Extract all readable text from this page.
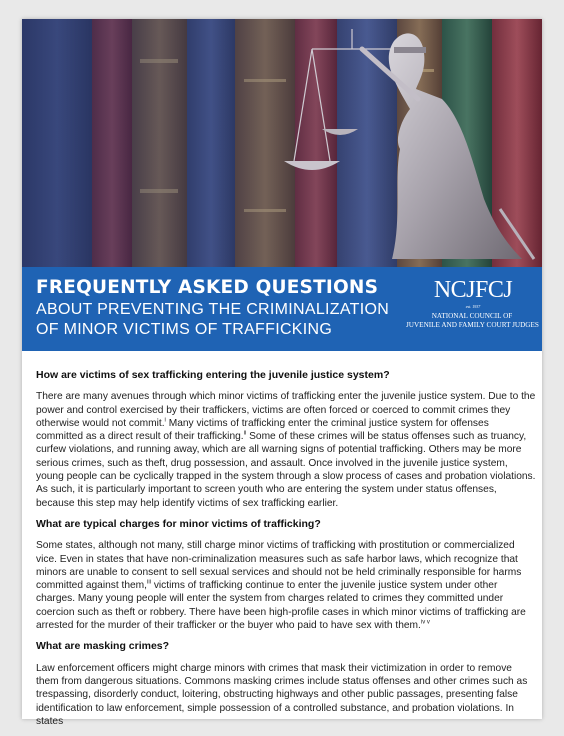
FREQUENTLY ASKED QUESTIONS
ABOUT PREVENTING THE CRIMINALIZATION
OF MINOR VICTIMS OF TRAFFICKING
NCJFCJ
est. 1937
NATIONAL COUNCIL OF
JUVENILE AND FAMILY COURT JUDGES
How are victims of sex trafficking entering the juvenile justice system?

There are many avenues through which minor victims of trafficking enter the juvenile justice system. Due to the power and control exercised by their traffickers, victims are often forced or coerced to commit crimes they otherwise would not commit.$^i$ Many victims of trafficking enter the criminal justice system for offenses committed as a direct result of their trafficking.$^{ii}$ Some of these crimes will be status offenses such as truancy, curfew violations, and running away, which are all warning signs of potential trafficking. Others may be more serious crimes, such as theft, drug possession, and assault. Once involved in the juvenile justice system, young people can be cyclically trapped in the system through a slow process of cases and probation violations. As such, it is particularly important to screen youth who are entering the system under status offenses, because this step may help identify victims of sex trafficking earlier.

What are typical charges for minor victims of trafficking?

Some states, although not many, still charge minor victims of trafficking with prostitution or commercialized vice. Even in states that have non-criminalization measures such as safe harbor laws, which recognize that minors are unable to consent to sell sexual services and should not be held criminally responsible for harms committed against them,$^{iii}$ victims of trafficking continue to enter the juvenile justice system under other charges. Many young people will enter the system from charges related to crimes they committed under coercion such as theft or robbery. There have been high-profile cases in which minor victims of trafficking are arrested for the murder of their trafficker or the buyer who paid to have sex with them.$^{iv v}$

What are masking crimes?

Law enforcement officers might charge minors with crimes that mask their victimization in order to remove them from dangerous situations. Commons masking crimes include status offenses and other crimes such as trespassing, disorderly conduct, loitering, obstructing highways and other public passages, presenting false identification to law enforcement, simple possession of a controlled substance, and probation violations. In states
